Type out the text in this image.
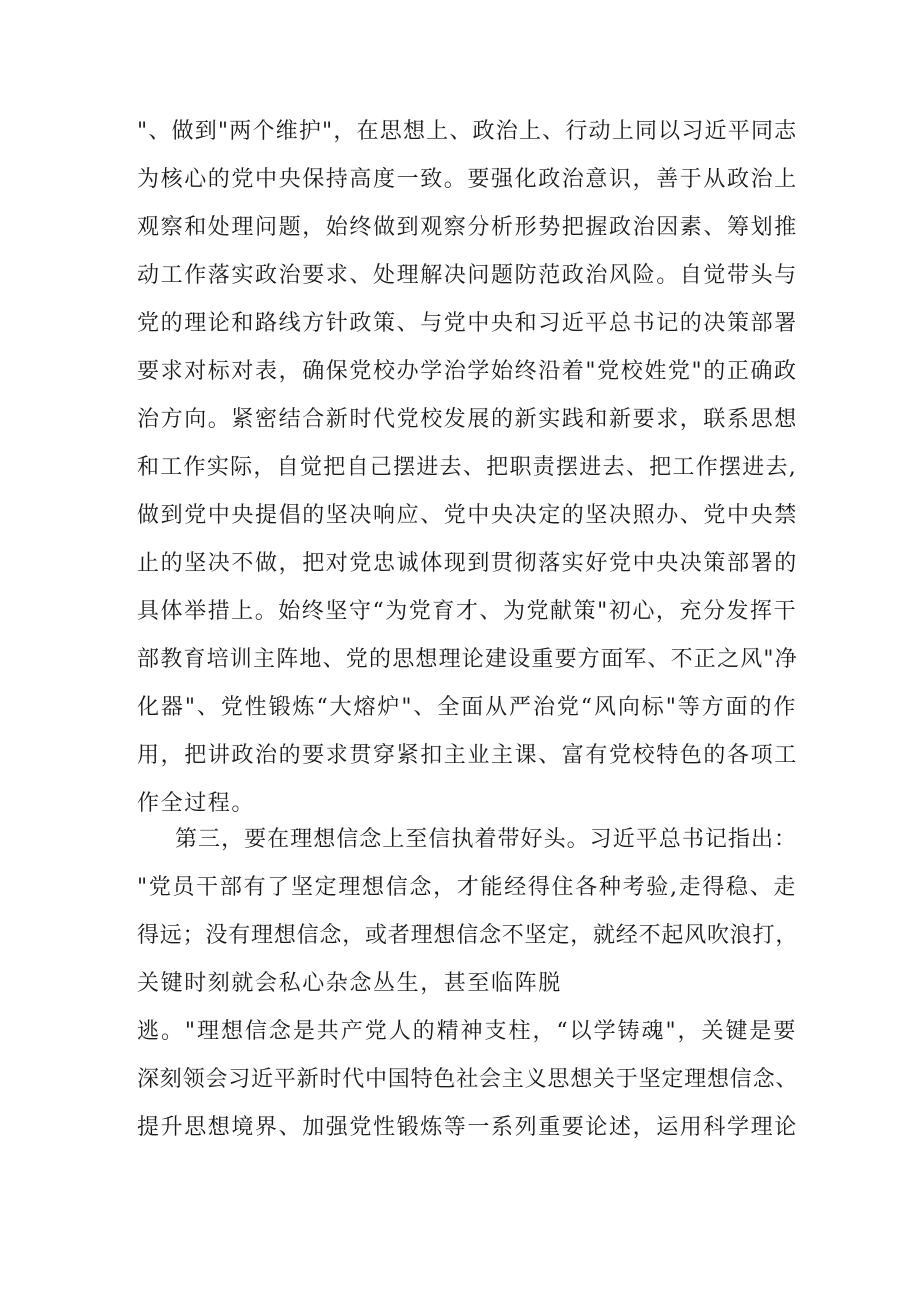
"、做到"两个维护"，在思想上、政治上、行动上同以习近平同志
为核心的党中央保持高度一致。要强化政治意识，善于从政治上
观察和处理问题，始终做到观察分析形势把握政治因素、筹划推
动工作落实政治要求、处理解决问题防范政治风险。自觉带头与
党的理论和路线方针政策、与党中央和习近平总书记的决策部署
要求对标对表，确保党校办学治学始终沿着"党校姓党"的正确政
治方向。紧密结合新时代党校发展的新实践和新要求，联系思想
和工作实际，自觉把自己摆进去、把职责摆进去、把工作摆进去,
做到党中央提倡的坚决响应、党中央决定的坚决照办、党中央禁
止的坚决不做，把对党忠诚体现到贯彻落实好党中央决策部署的
具体举措上。始终坚守“为党育才、为党献策"初心，充分发挥干
部教育培训主阵地、党的思想理论建设重要方面军、不正之风"净
化器"、党性锻炼“大熔炉"、全面从严治党“风向标"等方面的作
用，把讲政治的要求贯穿紧扣主业主课、富有党校特色的各项工
作全过程。
第三，要在理想信念上至信执着带好头。习近平总书记指出：
"党员干部有了坚定理想信念，才能经得住各种考验,走得稳、走
得远；没有理想信念，或者理想信念不坚定，就经不起风吹浪打，
关键时刻就会私心杂念丛生，甚至临阵脱
逃。"理想信念是共产党人的精神支柱，“以学铸魂"，关键是要
深刻领会习近平新时代中国特色社会主义思想关于坚定理想信念、
提升思想境界、加强党性锻炼等一系列重要论述，运用科学理论
